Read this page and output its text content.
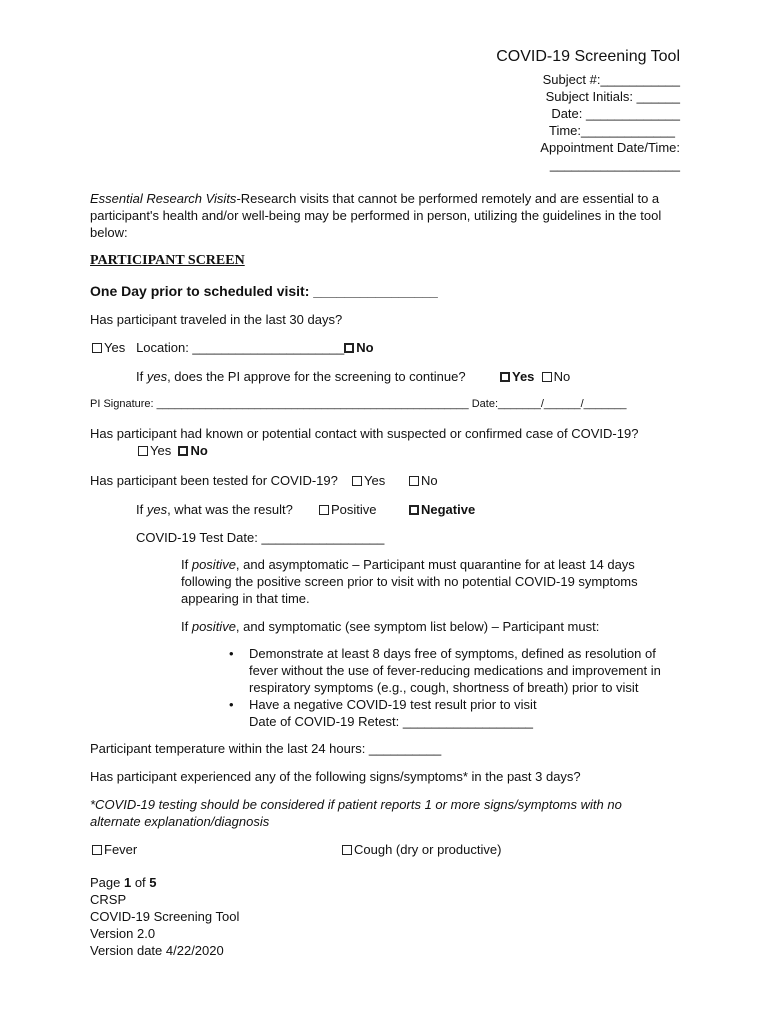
COVID-19 Screening Tool
Subject #:___________
Subject Initials: ______
Date: _____________
Time:_____________
Appointment Date/Time:
__________________
Essential Research Visits-Research visits that cannot be performed remotely and are essential to a
participant's health and/or well-being may be performed in person, utilizing the guidelines in the tool
below:
PARTICIPANT SCREEN
One Day prior to scheduled visit: ________________
Has participant traveled in the last 30 days?
Yes Location: _____________________ No
If yes, does the PI approve for the screening to continue?	Yes No
PI Signature: ___________________________________________________ Date:_______/______/_______
Has participant had known or potential contact with suspected or confirmed case of COVID-19?
Yes No
Has participant been tested for COVID-19?	Yes	No
If yes, what was the result?	Positive	Negative
COVID-19 Test Date: _________________
If positive, and asymptomatic – Participant must quarantine for at least 14 days
following the positive screen prior to visit with no potential COVID-19 symptoms
appearing in that time.
If positive, and symptomatic (see symptom list below) – Participant must:
• Demonstrate at least 8 days free of symptoms, defined as resolution of
fever without the use of fever-reducing medications and improvement in
respiratory symptoms (e.g., cough, shortness of breath) prior to visit
• Have a negative COVID-19 test result prior to visit
Date of COVID-19 Retest: __________________
Participant temperature within the last 24 hours: __________
Has participant experienced any of the following signs/symptoms* in the past 3 days?
*COVID-19 testing should be considered if patient reports 1 or more signs/symptoms with no
alternate explanation/diagnosis
Fever	Cough (dry or productive)
Page 1 of 5
CRSP
COVID-19 Screening Tool
Version 2.0
Version date 4/22/2020
